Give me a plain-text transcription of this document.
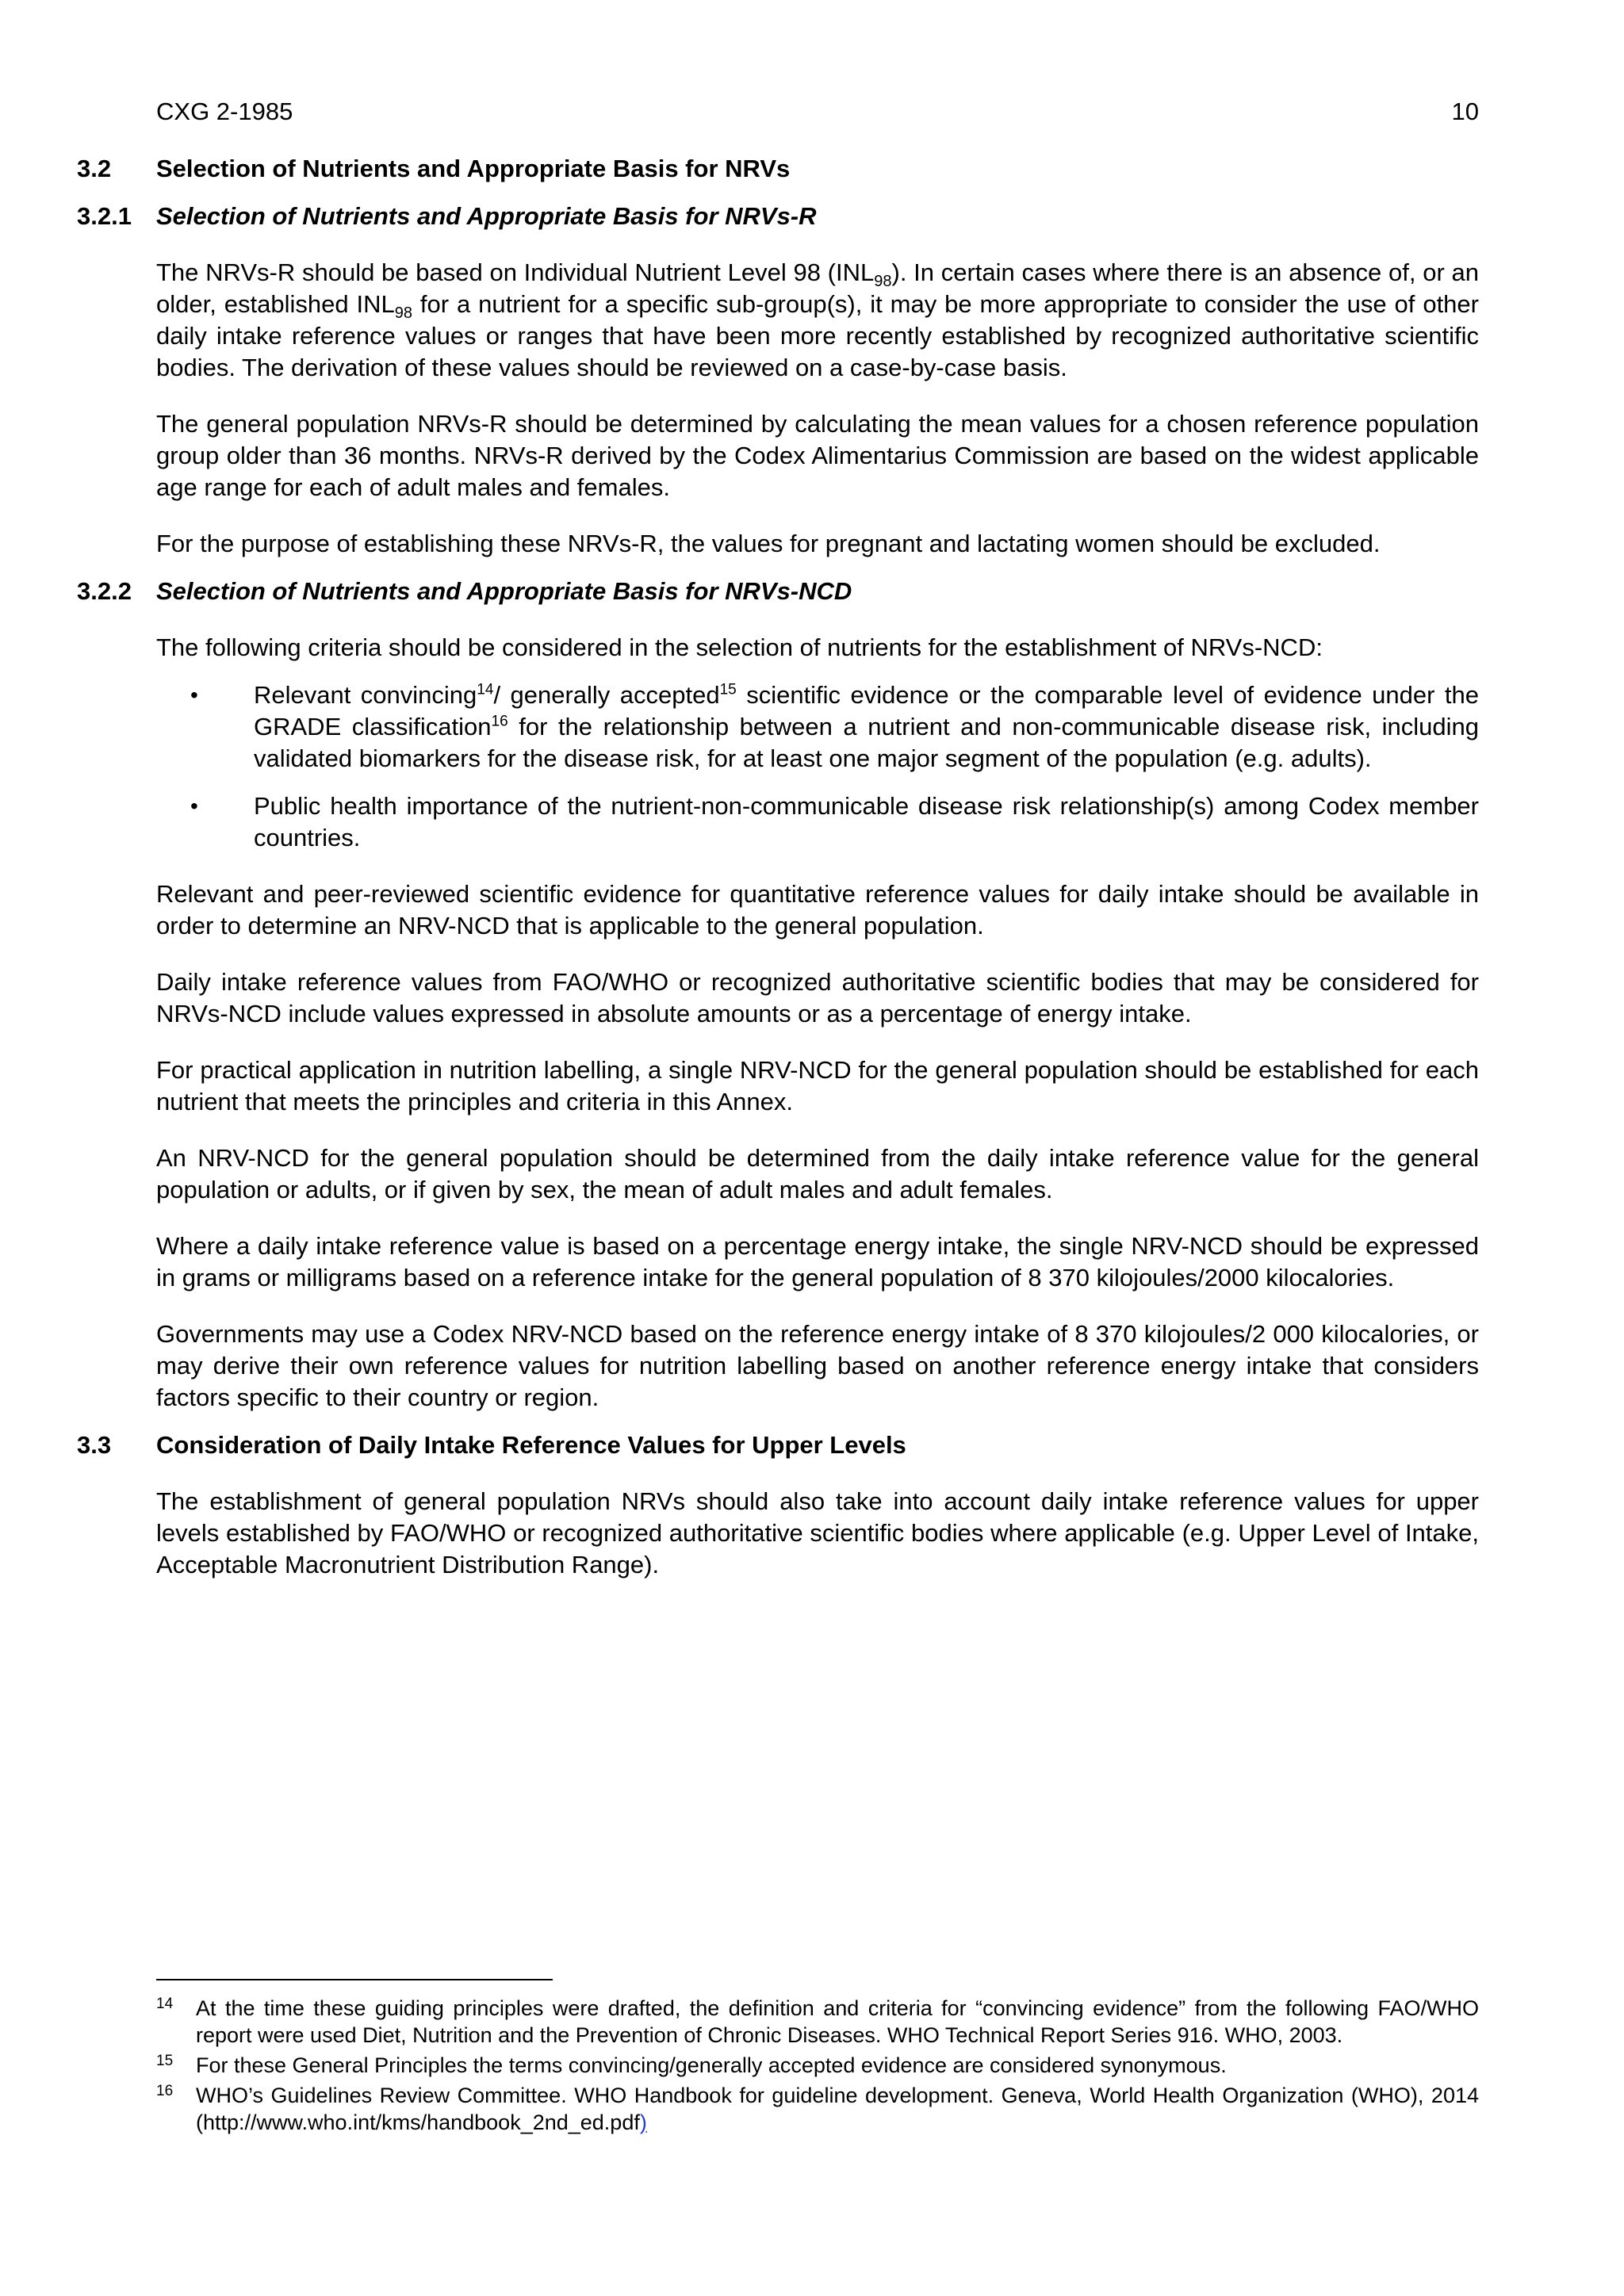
CXG 2-1985	10
3.2	Selection of Nutrients and Appropriate Basis for NRVs
3.2.1	Selection of Nutrients and Appropriate Basis for NRVs-R

The NRVs-R should be based on Individual Nutrient Level 98 $(INL_{98})$. In certain cases where there is an absence of, or an older, established $INL_{98}$ for a nutrient for a specific sub-group(s), it may be more appropriate to consider the use of other daily intake reference values or ranges that have been more recently established by recognized authoritative scientific bodies. The derivation of these values should be reviewed on a case-by-case basis.

The general population NRVs-R should be determined by calculating the mean values for a chosen reference population group older than 36 months. NRVs-R derived by the Codex Alimentarius Commission are based on the widest applicable age range for each of adult males and females.

For the purpose of establishing these NRVs-R, the values for pregnant and lactating women should be excluded.

3.2.2	Selection of Nutrients and Appropriate Basis for NRVs-NCD

The following criteria should be considered in the selection of nutrients for the establishment of NRVs-NCD:

•	Relevant convincing$^{14}$/ generally accepted$^{15}$ scientific evidence or the comparable level of evidence under the GRADE classification$^{16}$ for the relationship between a nutrient and non-communicable disease risk, including validated biomarkers for the disease risk, for at least one major segment of the population (e.g. adults).
•	Public health importance of the nutrient-non-communicable disease risk relationship(s) among Codex member countries.

Relevant and peer-reviewed scientific evidence for quantitative reference values for daily intake should be available in order to determine an NRV-NCD that is applicable to the general population.

Daily intake reference values from FAO/WHO or recognized authoritative scientific bodies that may be considered for NRVs-NCD include values expressed in absolute amounts or as a percentage of energy intake.

For practical application in nutrition labelling, a single NRV-NCD for the general population should be established for each nutrient that meets the principles and criteria in this Annex.

An NRV-NCD for the general population should be determined from the daily intake reference value for the general population or adults, or if given by sex, the mean of adult males and adult females.

Where a daily intake reference value is based on a percentage energy intake, the single NRV-NCD should be expressed in grams or milligrams based on a reference intake for the general population of 8 370 kilojoules/2000 kilocalories.

Governments may use a Codex NRV-NCD based on the reference energy intake of 8 370 kilojoules/2 000 kilocalories, or may derive their own reference values for nutrition labelling based on another reference energy intake that considers factors specific to their country or region.

3.3	Consideration of Daily Intake Reference Values for Upper Levels

The establishment of general population NRVs should also take into account daily intake reference values for upper levels established by FAO/WHO or recognized authoritative scientific bodies where applicable (e.g. Upper Level of Intake, Acceptable Macronutrient Distribution Range).

14	At the time these guiding principles were drafted, the definition and criteria for “convincing evidence” from the following FAO/WHO report were used Diet, Nutrition and the Prevention of Chronic Diseases. WHO Technical Report Series 916. WHO, 2003.
15	For these General Principles the terms convincing/generally accepted evidence are considered synonymous.
16	WHO’s Guidelines Review Committee. WHO Handbook for guideline development. Geneva, World Health Organization (WHO), 2014 (http://www.who.int/kms/handbook_2nd_ed.pdf)
